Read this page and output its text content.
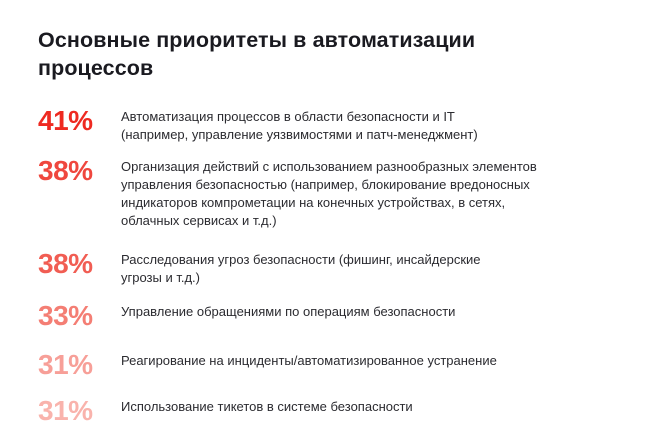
Основные приоритеты в автоматизации
процессов
41%	Автоматизация процессов в области безопасности и IT
(например, управление уязвимостями и патч-менеджмент)
38%	Организация действий с использованием разнообразных элементов
управления безопасностью (например, блокирование вредоносных
индикаторов компрометации на конечных устройствах, в сетях,
облачных сервисах и т.д.)
38%	Расследования угроз безопасности (фишинг, инсайдерские
угрозы и т.д.)
33%	Управление обращениями по операциям безопасности
31%	Реагирование на инциденты/автоматизированное устранение
31%	Использование тикетов в системе безопасности
